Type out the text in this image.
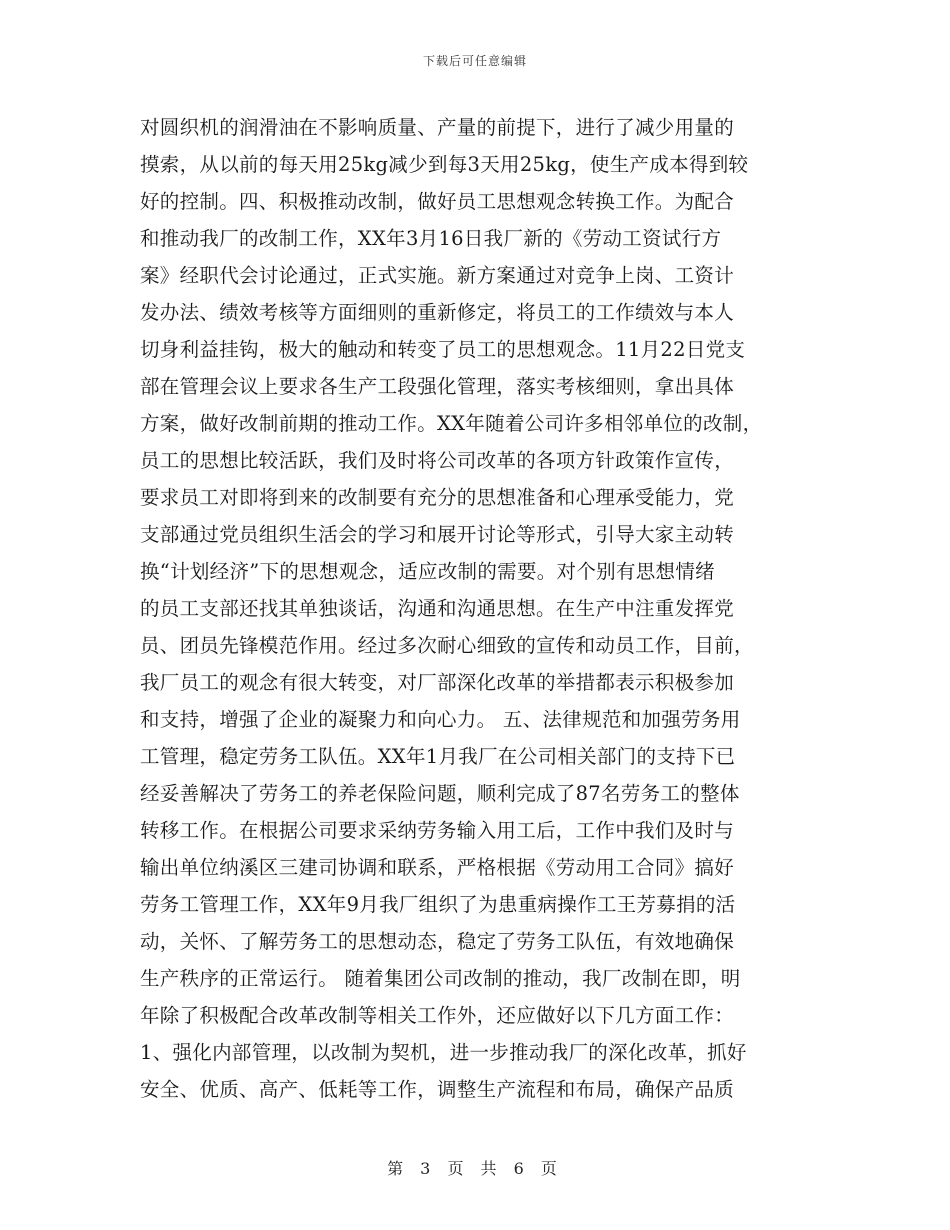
下载后可任意编辑
对圆织机的润滑油在不影响质量、产量的前提下，进行了减少用量的
摸索，从以前的每天用25kg减少到每3天用25kg，使生产成本得到较
好的控制。四、积极推动改制，做好员工思想观念转换工作。为配合
和推动我厂的改制工作，XX年3月16日我厂新的《劳动工资试行方
案》经职代会讨论通过，正式实施。新方案通过对竞争上岗、工资计
发办法、绩效考核等方面细则的重新修定，将员工的工作绩效与本人
切身利益挂钩，极大的触动和转变了员工的思想观念。11月22日党支
部在管理会议上要求各生产工段强化管理，落实考核细则，拿出具体
方案，做好改制前期的推动工作。XX年随着公司许多相邻单位的改制，
员工的思想比较活跃，我们及时将公司改革的各项方针政策作宣传，
要求员工对即将到来的改制要有充分的思想准备和心理承受能力，党
支部通过党员组织生活会的学习和展开讨论等形式，引导大家主动转
换“计划经济”下的思想观念，适应改制的需要。对个别有思想情绪
的员工支部还找其单独谈话，沟通和沟通思想。在生产中注重发挥党
员、团员先锋模范作用。经过多次耐心细致的宣传和动员工作，目前，
我厂员工的观念有很大转变，对厂部深化改革的举措都表示积极参加
和支持，增强了企业的凝聚力和向心力。 五、法律规范和加强劳务用
工管理，稳定劳务工队伍。XX年1月我厂在公司相关部门的支持下已
经妥善解决了劳务工的养老保险问题，顺利完成了87名劳务工的整体
转移工作。在根据公司要求采纳劳务输入用工后，工作中我们及时与
输出单位纳溪区三建司协调和联系，严格根据《劳动用工合同》搞好
劳务工管理工作，XX年9月我厂组织了为患重病操作工王芳募捐的活
动，关怀、了解劳务工的思想动态，稳定了劳务工队伍，有效地确保
生产秩序的正常运行。 随着集团公司改制的推动，我厂改制在即，明
年除了积极配合改革改制等相关工作外，还应做好以下几方面工作：
1、强化内部管理，以改制为契机，进一步推动我厂的深化改革，抓好
安全、优质、高产、低耗等工作，调整生产流程和布局，确保产品质
第 3 页 共 6 页
